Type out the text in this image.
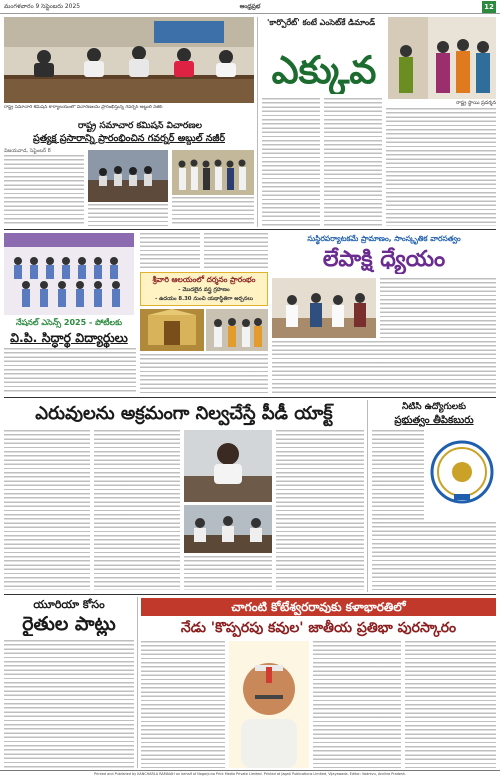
మంగళవారం 9 సెప్టెంబరు 2025	ఆంధ్రప్రభ	12
రాష్ట్ర సమాచార కమిషన్ కార్యాలయంలో విచారణలను ప్రారంభిస్తున్న గవర్నర్ అబ్దుల్ నజీర్
రాష్ట్ర సమాచార కమిషన్ విచారణల
ప్రత్యక్ష ప్రసారాన్ని ప్రారంభించిన గవర్నర్ అబ్దుల్ నజీర్
విజయవాడ, సెప్టెంబర్ 8
'కార్పొరేట్' కంటే ఎంసెట్‌కే డిమాండ్
ఎక్కువ
రాష్ట్ర స్థాయి ప్రదర్శన
నేషనల్ ఎసెన్స్ 2025 - పోటీలకు
వి.పి. సిద్ధార్థ విద్యార్థులు
శ్రీవారి ఆలయంలో దర్శనం ప్రారంభం
- మొదలైన వస్త్ర గ్రహణం
- ఉదయం 8.30 నుంచి యథాస్థితిగా అర్చనలు
సుస్థిరపర్యాటకమే ప్రామాణం, సాంస్కృతిక వారసత్వం
లేపాక్షి ధ్యేయం
ఎరువులను అక్రమంగా నిల్వచేస్తే పీడీ యాక్ట్	నీటీసీ ఉద్యోగులకు
ప్రభుత్వం తీపికబురు
యూరియా కోసం
రైతుల పాట్లు
చాగంటి కోటేశ్వరరావుకు కళాభారతిలో
నేడు 'కొప్పరపు కవుల' జాతీయ ప్రతిభా పురస్కారం
Printed and Published by KANCHARLA RAMAIAH on behalf of Nagarjuna Print Media Private Limited. Printed at Jagati Publications Limited, Vijayawada. Editor: Vadrevu, Andhra Pradesh.
